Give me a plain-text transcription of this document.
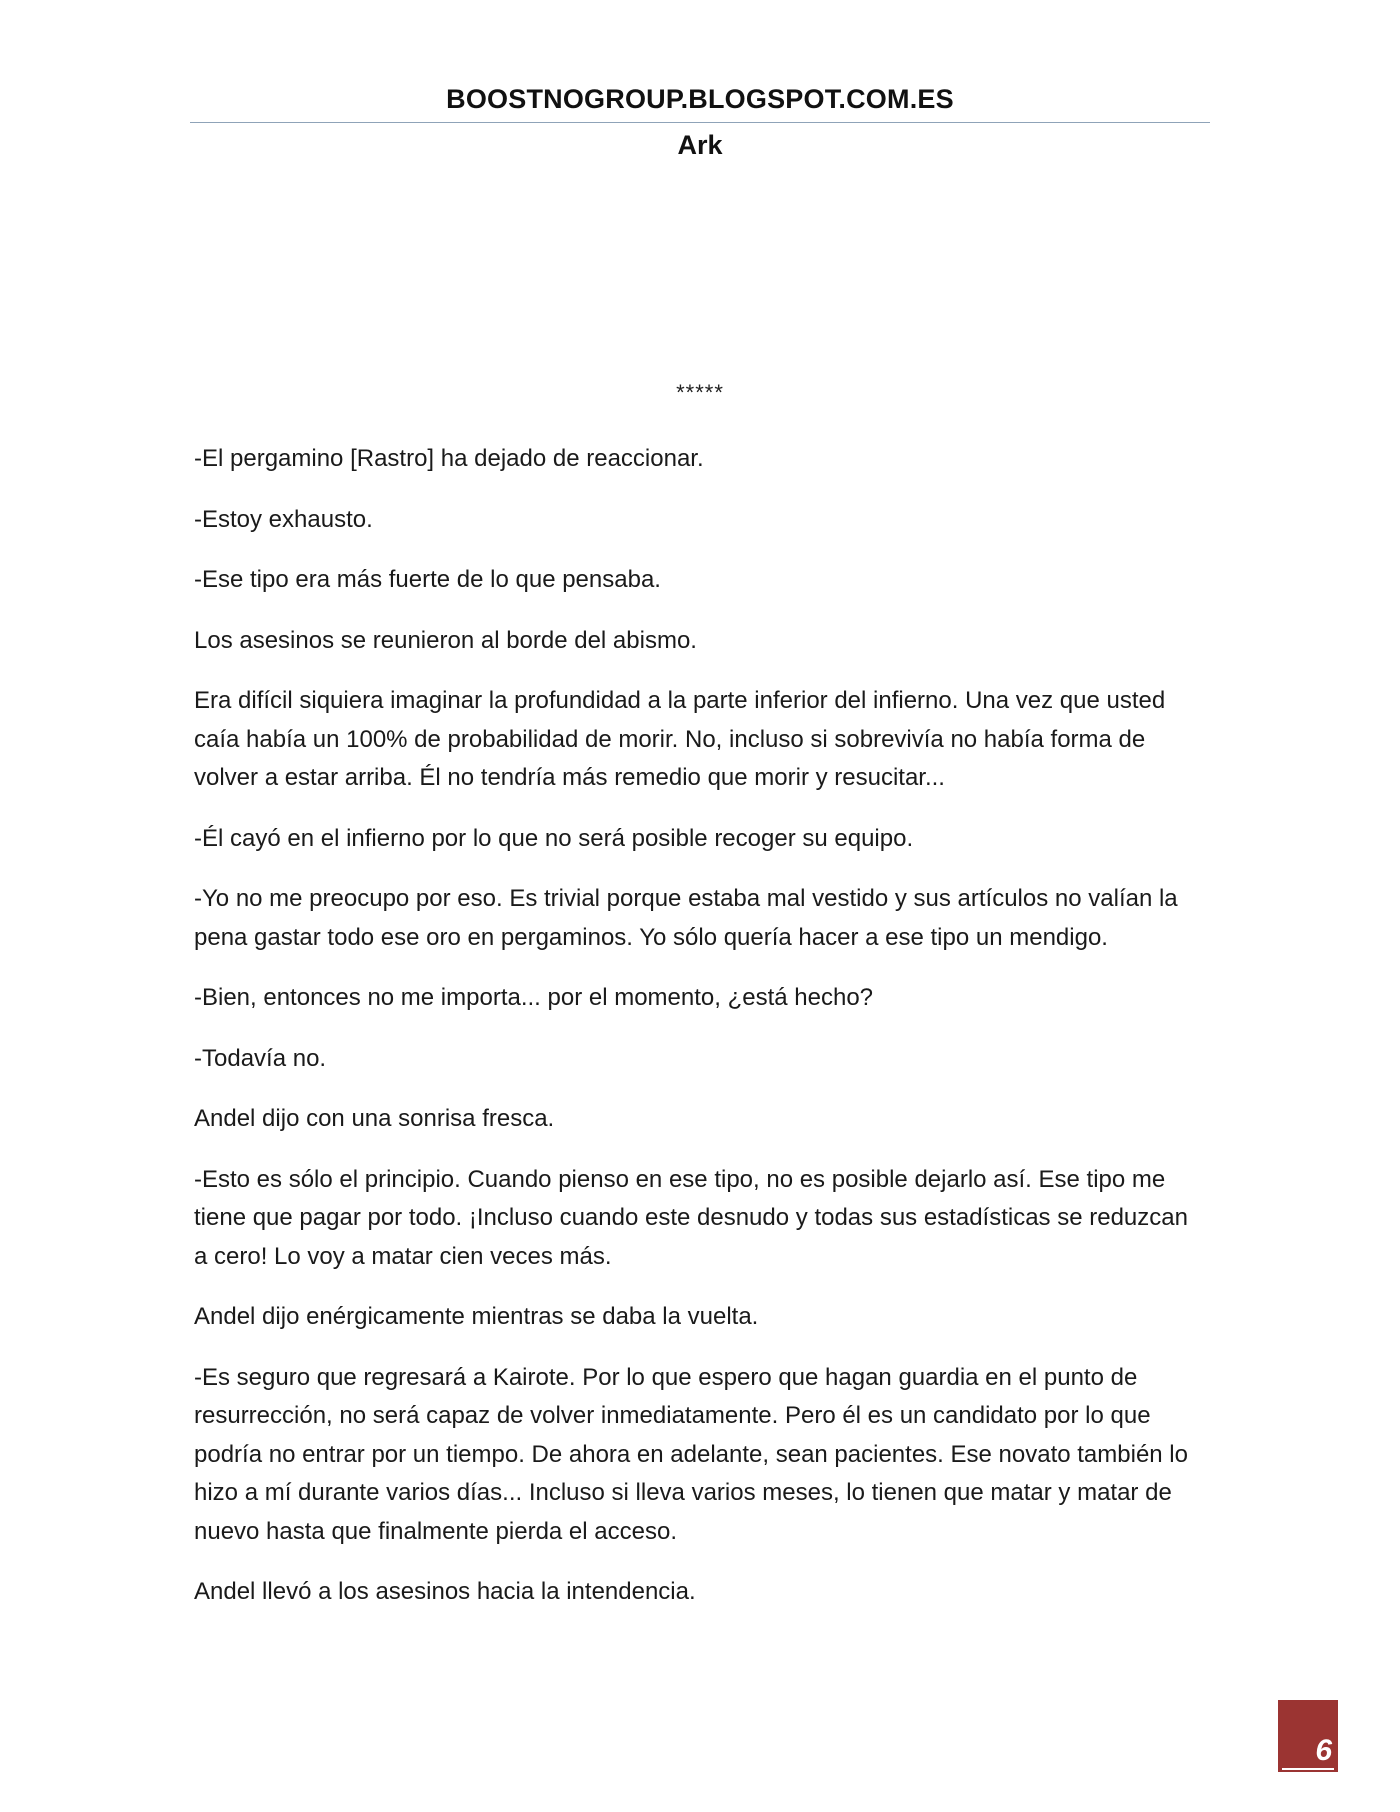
BOOSTNOGROUP.BLOGSPOT.COM.ES
Ark
*****

-El pergamino [Rastro] ha dejado de reaccionar.

-Estoy exhausto.

-Ese tipo era más fuerte de lo que pensaba.

Los asesinos se reunieron al borde del abismo.

Era difícil siquiera imaginar la profundidad a la parte inferior del infierno. Una vez que usted caía había un 100% de probabilidad de morir. No, incluso si sobrevivía no había forma de volver a estar arriba. Él no tendría más remedio que morir y resucitar...

-Él cayó en el infierno por lo que no será posible recoger su equipo.

-Yo no me preocupo por eso. Es trivial porque estaba mal vestido y sus artículos no valían la pena gastar todo ese oro en pergaminos. Yo sólo quería hacer a ese tipo un mendigo.

-Bien, entonces no me importa... por el momento, ¿está hecho?

-Todavía no.

Andel dijo con una sonrisa fresca.

-Esto es sólo el principio. Cuando pienso en ese tipo, no es posible dejarlo así. Ese tipo me tiene que pagar por todo. ¡Incluso cuando este desnudo y todas sus estadísticas se reduzcan a cero! Lo voy a matar cien veces más.

Andel dijo enérgicamente mientras se daba la vuelta.

-Es seguro que regresará a Kairote. Por lo que espero que hagan guardia en el punto de resurrección, no será capaz de volver inmediatamente. Pero él es un candidato por lo que podría no entrar por un tiempo. De ahora en adelante, sean pacientes. Ese novato también lo hizo a mí durante varios días... Incluso si lleva varios meses, lo tienen que matar y matar de nuevo hasta que finalmente pierda el acceso.

Andel llevó a los asesinos hacia la intendencia.

6
